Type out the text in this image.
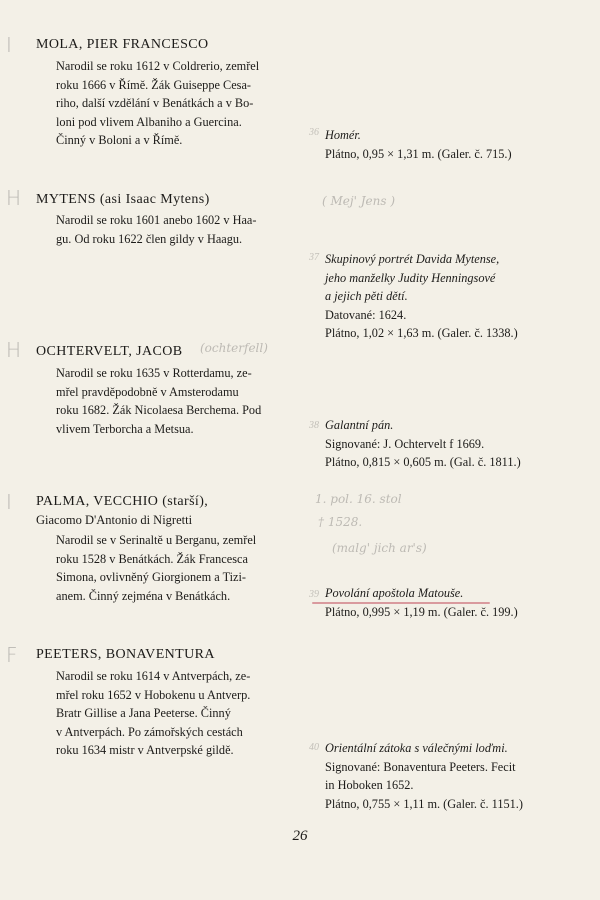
I MOLA, PIER FRANCESCO
Narodil se roku 1612 v Coldrerio, zemřel
roku 1666 v Římě. Žák Guiseppe Cesa-
riho, další vzdělání v Benátkách a v Bo-
loni pod vlivem Albaniho a Guercina.
Činný v Boloni a v Římě.
36 Homér.
Plátno, 0,95 × 1,31 m. (Galer. č. 715.)
H MYTENS (asi Isaac Mytens)	( Mej' Jens )
Narodil se roku 1601 anebo 1602 v Haa-
gu. Od roku 1622 člen gildy v Haagu.
37 Skupinový portrét Davida Mytense,
jeho manželky Judity Henningsové
a jejich pěti dětí.
Datované: 1624.
Plátno, 1,02 × 1,63 m. (Galer. č. 1338.)
H OCHTERVELT, JACOB (ochterfell)
Narodil se roku 1635 v Rotterdamu, ze-
mřel pravděpodobně v Amsterodamu
roku 1682. Žák Nicolaesa Berchema. Pod
vlivem Terborcha a Metsua.	38 Galantní pán.
Signované: J. Ochtervelt f 1669.
Plátno, 0,815 × 0,605 m. (Gal. č. 1811.)
I PALMA, VECCHIO (starší),
Giacomo D'Antonio di Nigretti
1. pol. 16. stol
† 1528.
(malg' jich ar's)
Narodil se v Serinaltě u Berganu, zemřel
roku 1528 v Benátkách. Žák Francesca
Simona, ovlivněný Giorgionem a Tizi-
anem. Činný zejména v Benátkách.	39 Povolání apoštola Matouše.
Plátno, 0,995 × 1,19 m. (Galer. č. 199.)
F PEETERS, BONAVENTURA
Narodil se roku 1614 v Antverpách, ze-
mřel roku 1652 v Hobokenu u Antverp.
Bratr Gillise a Jana Peeterse. Činný
v Antverpách. Po zámořských cestách
roku 1634 mistr v Antverpské gildě.	40 Orientální zátoka s válečnými loďmi.
Signované: Bonaventura Peeters. Fecit
in Hoboken 1652.
Plátno, 0,755 × 1,11 m. (Galer. č. 1151.)
26
